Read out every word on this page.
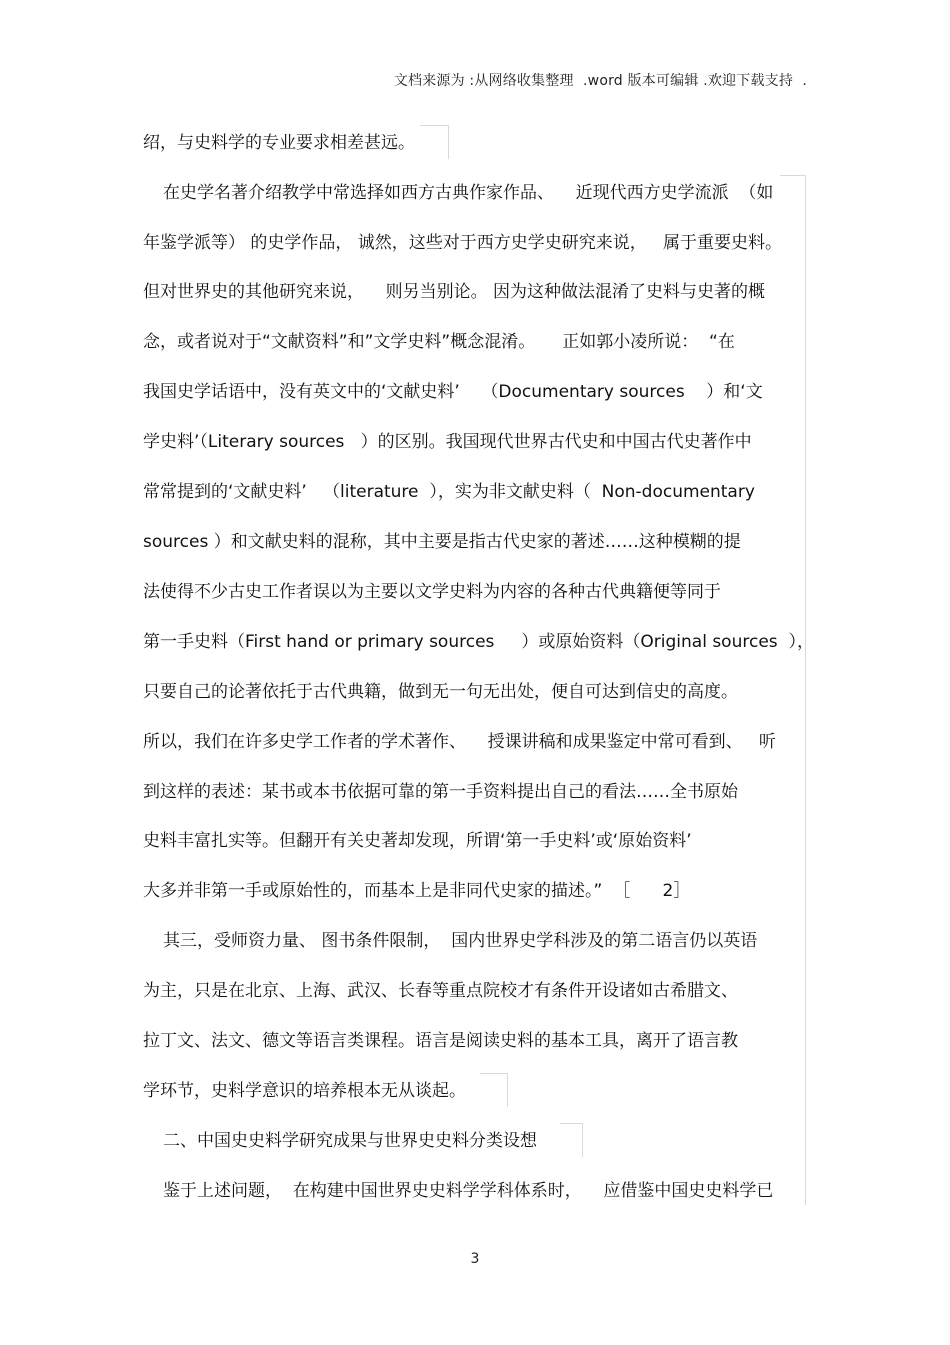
文档来源为 :从网络收集整理  .word 版本可编辑 .欢迎下载支持  .
绍，与史料学的专业要求相差甚远。
在史学名著介绍教学中常选择如西方古典作家作品、    近现代西方史学流派  （如
年鉴学派等） 的史学作品， 诚然，这些对于西方史学史研究来说，   属于重要史料。
但对世界史的其他研究来说，    则另当别论。 因为这种做法混淆了史料与史著的概
念，或者说对于“文献资料”和”文学史料”概念混淆。     正如郭小凌所说：  “在
我国史学话语中，没有英文中的‘文献史料’    （Documentary sources    ）和‘文
学史料’（Literary sources   ）的区别。我国现代世界古代史和中国古代史著作中
常常提到的‘文献史料’   （literature  ），实为非文献史料（  Non-documentary
sources ）和文献史料的混称，其中主要是指古代史家的著述……这种模糊的提
法使得不少古史工作者误以为主要以文学史料为内容的各种古代典籍便等同于
第一手史料（First hand or primary sources     ）或原始资料（Original sources  ），
只要自己的论著依托于古代典籍，做到无一句无出处，便自可达到信史的高度。
所以，我们在许多史学工作者的学术著作、    授课讲稿和成果鉴定中常可看到、   听
到这样的表述：某书或本书依据可靠的第一手资料提出自己的看法……全书原始
史料丰富扎实等。但翻开有关史著却发现，所谓‘第一手史料’或‘原始资料’
大多并非第一手或原始性的，而基本上是非同代史家的描述。”  ［      2］
其三，受师资力量、 图书条件限制，  国内世界史学科涉及的第二语言仍以英语
为主，只是在北京、上海、武汉、长春等重点院校才有条件开设诸如古希腊文、
拉丁文、法文、德文等语言类课程。语言是阅读史料的基本工具，离开了语言教
学环节，史料学意识的培养根本无从谈起。
二、中国史史料学研究成果与世界史史料分类设想
鉴于上述问题，  在构建中国世界史史料学学科体系时，    应借鉴中国史史料学已
3
